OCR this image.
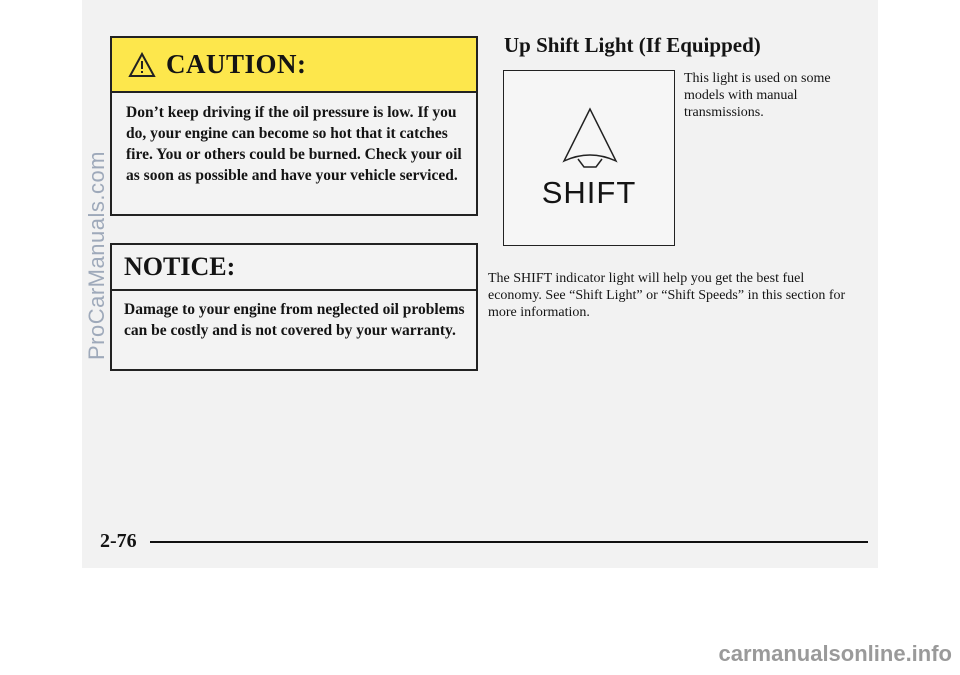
CAUTION:
Don’t keep driving if the oil pressure is low. If you do, your engine can become so hot that it catches fire. You or others could be burned. Check your oil as soon as possible and have your vehicle serviced.
NOTICE:
Damage to your engine from neglected oil problems can be costly and is not covered by your warranty.
Up Shift Light (If Equipped)
SHIFT
This light is used on some models with manual transmissions.
The SHIFT indicator light will help you get the best fuel economy. See “Shift Light” or “Shift Speeds” in this section for more information.
2-76
ProCarManuals.com
carmanualsonline.info
